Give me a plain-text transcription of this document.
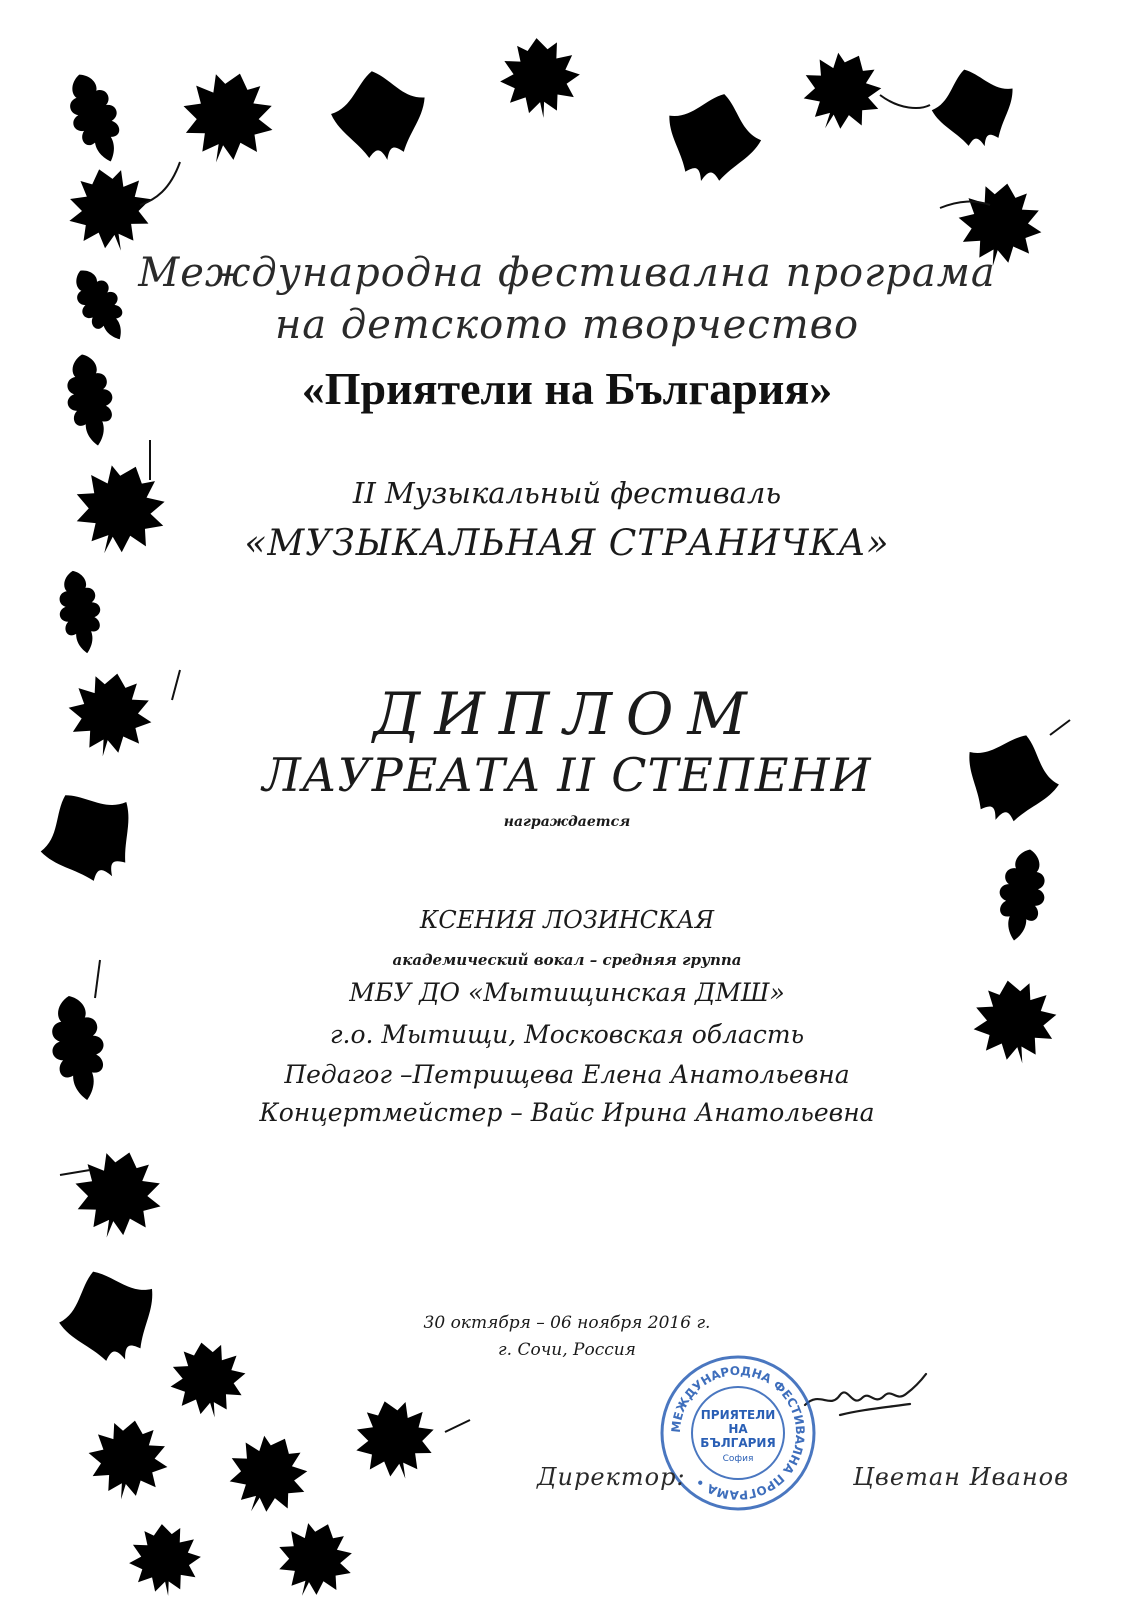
Международна фестивална програма
на детското творчество
«Приятели на България»
II Музыкальный фестиваль
«МУЗЫКАЛЬНАЯ СТРАНИЧКА»
ДИПЛОМ
ЛАУРЕАТА II СТЕПЕНИ
награждается
КСЕНИЯ ЛОЗИНСКАЯ
академический вокал – средняя группа
МБУ ДО «Мытищинская ДМШ»
г.о. Мытищи, Московская область
Педагог –Петрищева Елена Анатольевна
Концертмейстер – Вайс Ирина Анатольевна
30 октября – 06 ноября 2016 г.
г. Сочи, Россия
МЕЖДУНАРОДНА ФЕСТИВАЛНА ПРОГРАМА •
ПРИЯТЕЛИ
НА
БЪЛГАРИЯ
София
Директор:	Цветан Иванов
